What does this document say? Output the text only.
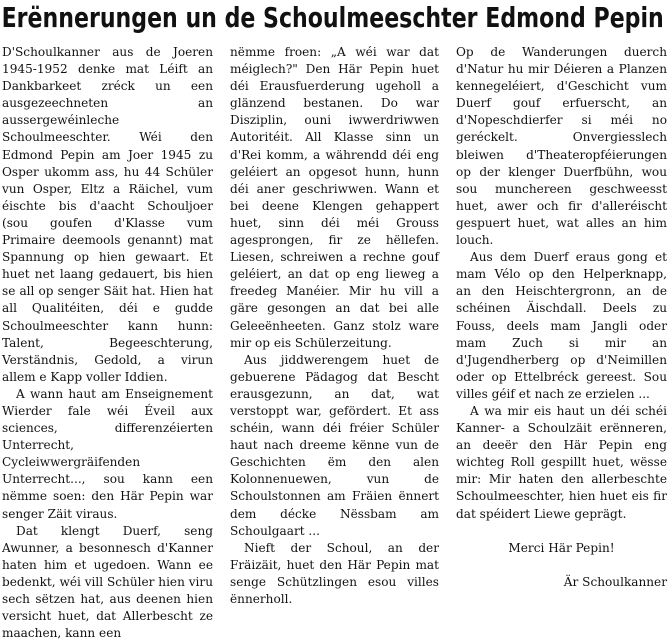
Erënnerungen un de Schoulmeeschter Edmond Pepin

D'Schoulkanner aus de Joeren 1945-1952 denke mat Léift an Dankbarkeet zréck un een ausgezeechneten an aussergewéinleche Schoulmeeschter. Wéi den Edmond Pepin am Joer 1945 zu Osper ukomm ass, hu 44 Schüler vun Osper, Eltz a Räichel, vum éischte bis d'aacht Schouljoer (sou goufen d'Klasse vum Primaire deemools genannt) mat Spannung op hien gewaart. Et huet net laang gedauert, bis hien se all op senger Säit hat. Hien hat all Qualitéiten, déi e gudde Schoulmeeschter kann hunn: Talent, Begeeschterung, Verständnis, Gedold, a virun allem e Kapp voller Iddien.

A wann haut am Enseignement Wierder fale wéi Éveil aux sciences, differenzéierten Unterrecht, Cycleiwwergräifenden Unterrecht..., sou kann een nëmme soen: den Här Pepin war senger Zäit viraus.

Dat klengt Duerf, seng Awunner, a besonnesch d'Kanner haten him et ugedoen. Wann ee bedenkt, wéi vill Schüler hien viru sech sëtzen hat, aus deenen hien versicht huet, dat Allerbescht ze maachen, kann een

nëmme froen: „A wéi war dat méiglech?" Den Här Pepin huet déi Erausfuerderung ugeholl a glänzend bestanen. Do war Disziplin, ouni iwwerdriwwen Autoritéit. All Klasse sinn un d'Rei komm, a währendd déi eng geléiert an opgesot hunn, hunn déi aner geschriwwen. Wann et bei deene Klengen gehappert huet, sinn déi méi Grouss agesprongen, fir ze hëllefen. Liesen, schreiwen a rechne gouf geléiert, an dat op eng lieweg a freedeg Manéier. Mir hu vill a gäre gesongen an dat bei alle Geleeënheeten. Ganz stolz ware mir op eis Schülerzeitung.

Aus jiddwerengem huet de gebuerene Pädagog dat Bescht erausgezunn, an dat, wat verstoppt war, gefördert. Et ass schéin, wann déi fréier Schüler haut nach dreeme kënne vun de Geschichten ëm den alen Kolonnenuewen, vun de Schoulstonnen am Fräien ënnert dem décke Nëssbam am Schoulgaart ...

Nieft der Schoul, an der Fräizäit, huet den Här Pepin mat senge Schützlingen esou villes ënnerholl.

Op de Wanderungen duerch d'Natur hu mir Déieren a Planzen kennegeléiert, d'Geschicht vum Duerf gouf erfuerscht, an d'Nopeschdierfer si méi no geréckelt. Onvergiesslech bleiwen d'Theateropféierungen op der klenger Duerfbühn, wou sou munchereen geschweesst huet, awer och fir d'alleréischt gespuert huet, wat alles an him louch.

Aus dem Duerf eraus gong et mam Vélo op den Helperknapp, an den Heischtergronn, an de schéinen Äischdall. Deels zu Fouss, deels mam Jangli oder mam Zuch si mir an d'Jugendherberg op d'Neimillen oder op Ettelbréck gereest. Sou villes géif et nach ze erzielen ...

A wa mir eis haut un déi schéi Kanner- a Schoulzäit erënneren, an deeër den Här Pepin eng wichteg Roll gespillt huet, wësse mir: Mir haten den allerbeschte Schoulmeeschter, hien huet eis fir dat spéidert Liewe geprägt.

Merci Här Pepin!

Är Schoulkanner
